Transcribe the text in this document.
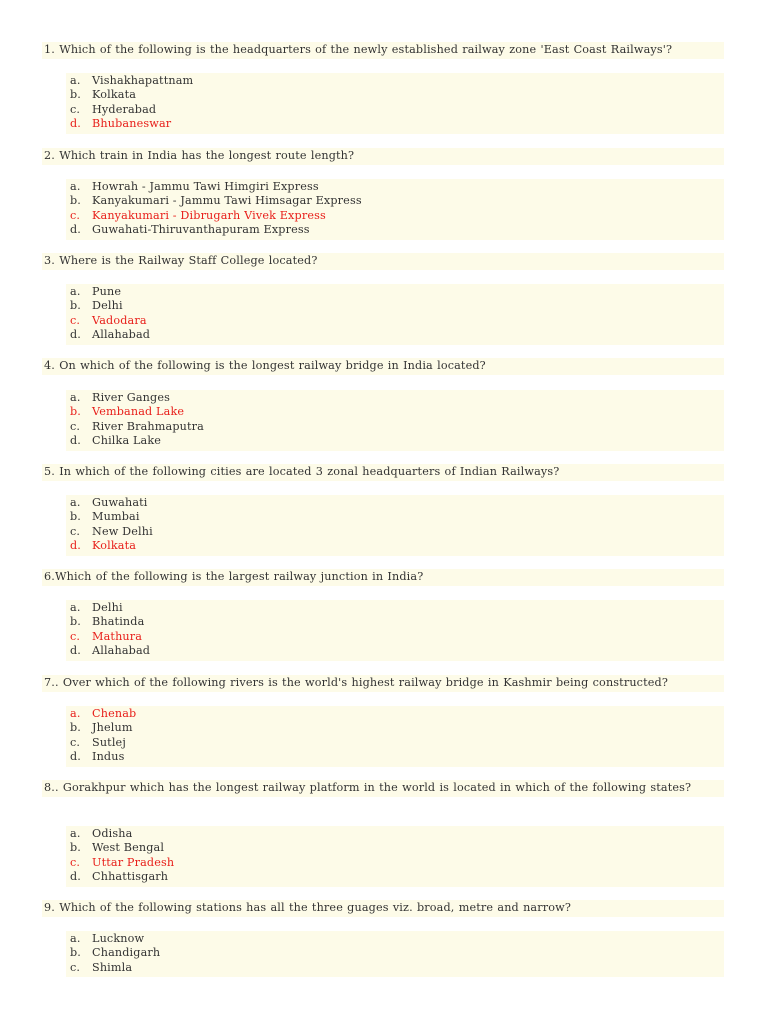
1. Which of the following is the headquarters of the newly established railway zone 'East Coast Railways'?
a.	Vishakhapattnam
b. Kolkata
c.	Hyderabad
d. Bhubaneswar
2. Which train in India has the longest route length?
a.	Howrah - Jammu Tawi Himgiri Express
b. Kanyakumari - Jammu Tawi Himsagar Express
c.	Kanyakumari - Dibrugarh Vivek Express
d. Guwahati-Thiruvanthapuram Express
3. Where is the Railway Staff College located?
a.	Pune
b. Delhi
c.	Vadodara
d. Allahabad
4. On which of the following is the longest railway bridge in India located?
a.	River Ganges
b. Vembanad Lake
c.	River Brahmaputra
d. Chilka Lake
5. In which of the following cities are located 3 zonal headquarters of Indian Railways?
a.	Guwahati
b. Mumbai
c.	New Delhi
d. Kolkata
6.Which of the following is the largest railway junction in India?
a.	Delhi
b. Bhatinda
c.	Mathura
d. Allahabad
7.. Over which of the following rivers is the world's highest railway bridge in Kashmir being constructed?
a.	Chenab
b. Jhelum
c.	Sutlej
d. Indus
8.. Gorakhpur which has the longest railway platform in the world is located in which of the following states?
a.	Odisha
b. West Bengal
c.	Uttar Pradesh
d. Chhattisgarh
9. Which of the following stations has all the three guages viz. broad, metre and narrow?
a.	Lucknow
b. Chandigarh
c.	Shimla
